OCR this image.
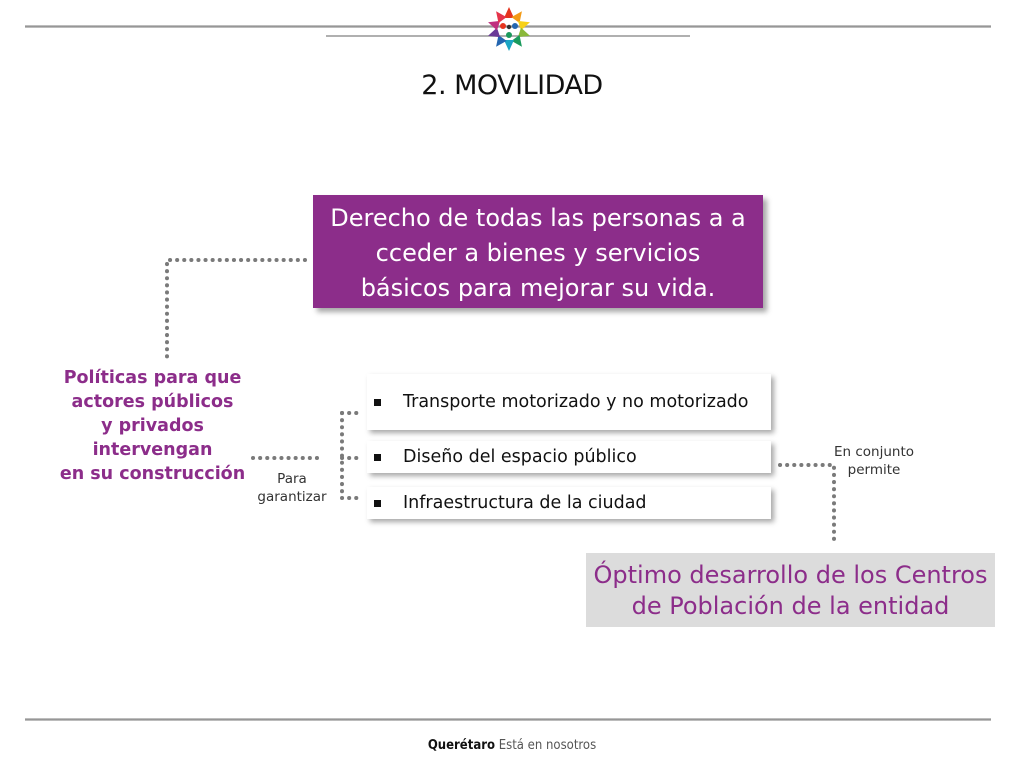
2. MOVILIDAD
Derecho de todas las personas a a
cceder a bienes y servicios
básicos para mejorar su vida.
Políticas para que
actores públicos
y privados intervengan
en su construcción	Para
garantizar
Transporte motorizado y no motorizado
Diseño del espacio público
Infraestructura de la ciudad
En conjunto
permite
Óptimo desarrollo de los Centros
de Población de la entidad
Querétaro Está en nosotros
